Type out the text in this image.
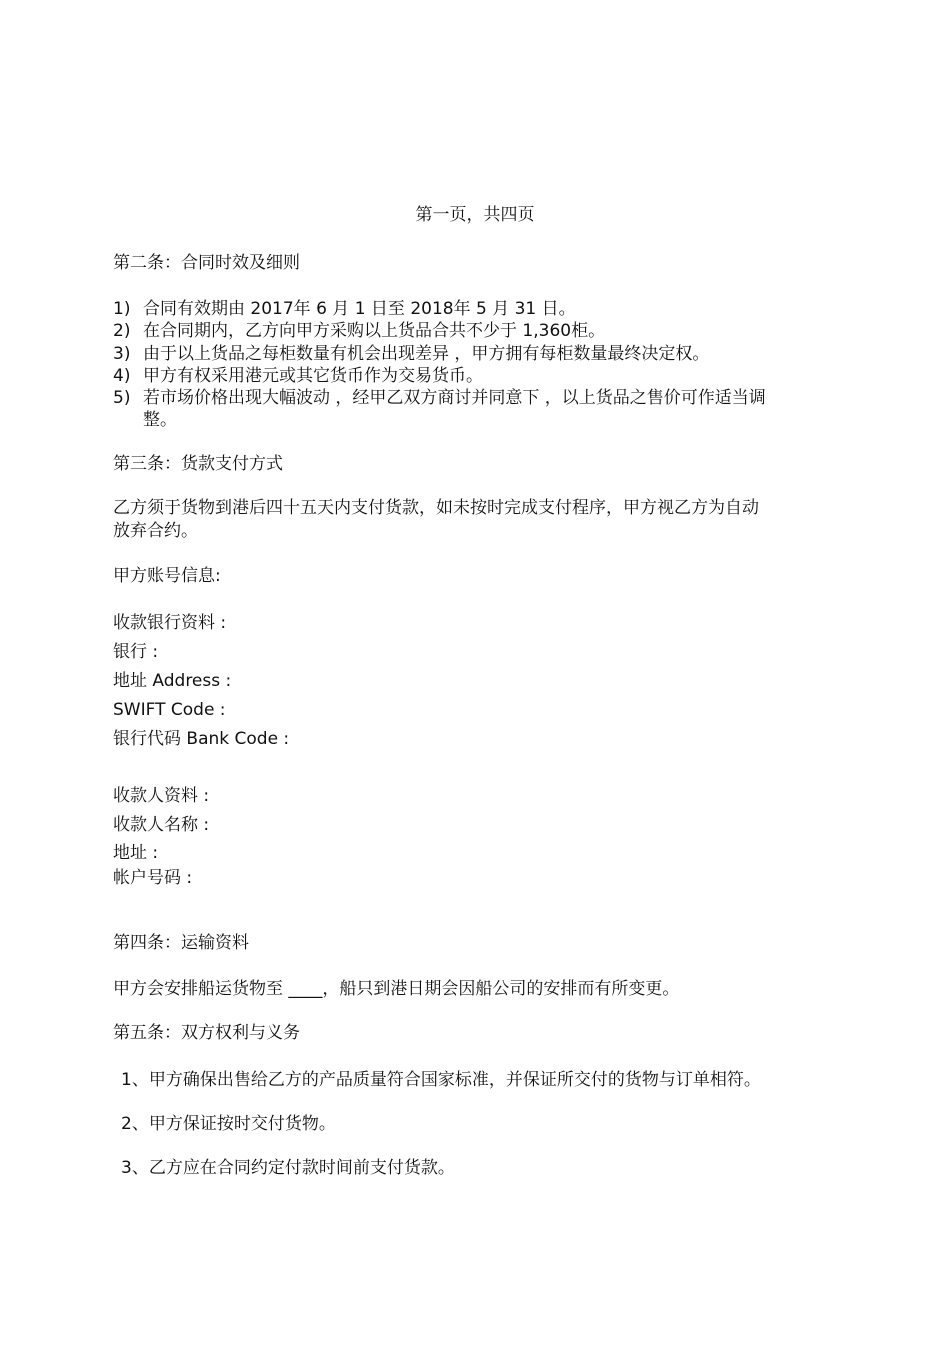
第一页，共四页
第二条：合同时效及细则
1) 合同有效期由 2017年 6 月 1 日至 2018年 5 月 31 日。
2) 在合同期内，乙方向甲方采购以上货品合共不少于 1,360柜。
3) 由于以上货品之每柜数量有机会出现差异 ，甲方拥有每柜数量最终决定权。
4) 甲方有权采用港元或其它货币作为交易货币。
5) 若市场价格出现大幅波动 ，经甲乙双方商讨并同意下 ，以上货品之售价可作适当调
整。
第三条：货款支付方式
乙方须于货物到港后四十五天内支付货款，如未按时完成支付程序，甲方视乙方为自动
放弃合约。
甲方账号信息:
收款银行资料 :
银行 :
地址 Address :
SWIFT Code :
银行代码 Bank Code :
收款人资料 :
收款人名称 :
地址 :
帐户号码 :
第四条：运输资料
甲方会安排船运货物至 ____，船只到港日期会因船公司的安排而有所变更。
第五条：双方权利与义务
1、甲方确保出售给乙方的产品质量符合国家标准，并保证所交付的货物与订单相符。
2、甲方保证按时交付货物。
3、乙方应在合同约定付款时间前支付货款。
